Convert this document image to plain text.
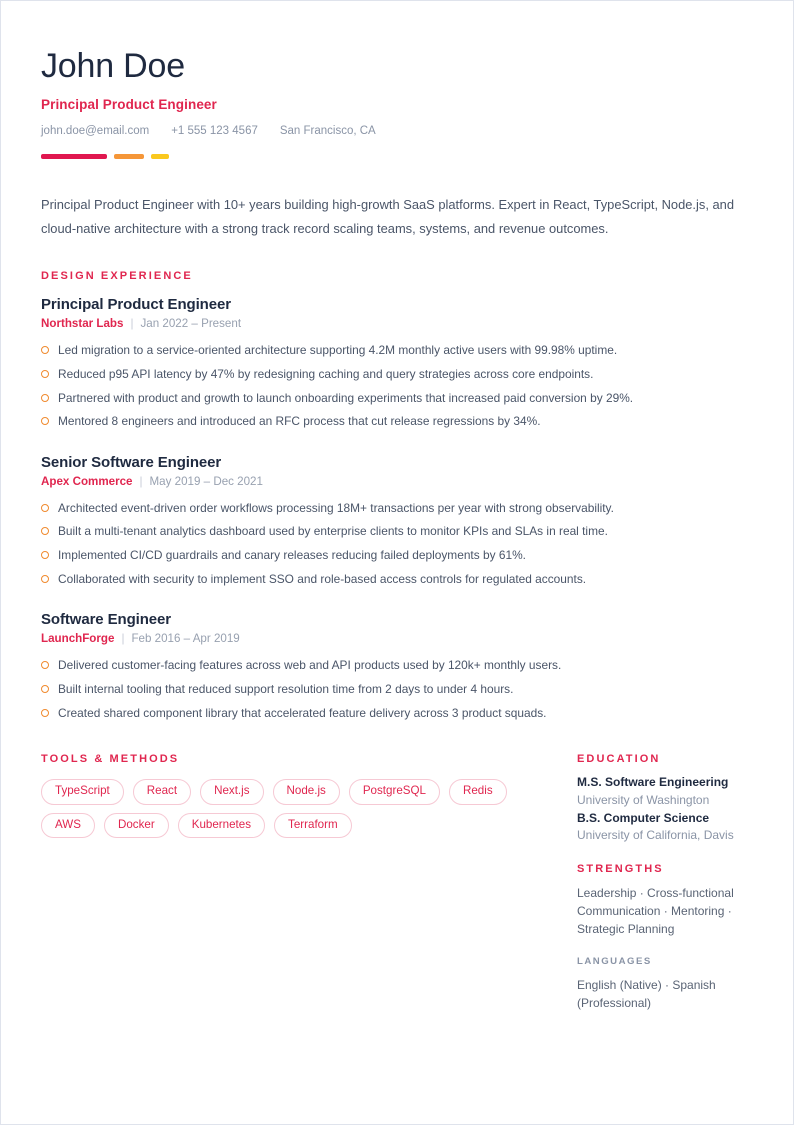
John Doe
Principal Product Engineer
john.doe@email.com +1 555 123 4567 San Francisco, CA

Principal Product Engineer with 10+ years building high-growth SaaS platforms. Expert in React, TypeScript, Node.js, and cloud-native architecture with a strong track record scaling teams, systems, and revenue outcomes.

DESIGN EXPERIENCE
Principal Product Engineer
Northstar Labs | Jan 2022 – Present
Led migration to a service-oriented architecture supporting 4.2M monthly active users with 99.98% uptime.
Reduced p95 API latency by 47% by redesigning caching and query strategies across core endpoints.
Partnered with product and growth to launch onboarding experiments that increased paid conversion by 29%.
Mentored 8 engineers and introduced an RFC process that cut release regressions by 34%.
Senior Software Engineer
Apex Commerce | May 2019 – Dec 2021
Architected event-driven order workflows processing 18M+ transactions per year with strong observability.
Built a multi-tenant analytics dashboard used by enterprise clients to monitor KPIs and SLAs in real time.
Implemented CI/CD guardrails and canary releases reducing failed deployments by 61%.
Collaborated with security to implement SSO and role-based access controls for regulated accounts.
Software Engineer
LaunchForge | Feb 2016 – Apr 2019
Delivered customer-facing features across web and API products used by 120k+ monthly users.
Built internal tooling that reduced support resolution time from 2 days to under 4 hours.
Created shared component library that accelerated feature delivery across 3 product squads.
TOOLS & METHODS
TypeScript	React	Next.js	Node.js	PostgreSQL	Redis
AWS	Docker	Kubernetes	Terraform
EDUCATION
M.S. Software Engineering
University of Washington
B.S. Computer Science
University of California, Davis
STRENGTHS
Leadership · Cross-functional Communication · Mentoring · Strategic Planning
LANGUAGES
English (Native) · Spanish (Professional)
